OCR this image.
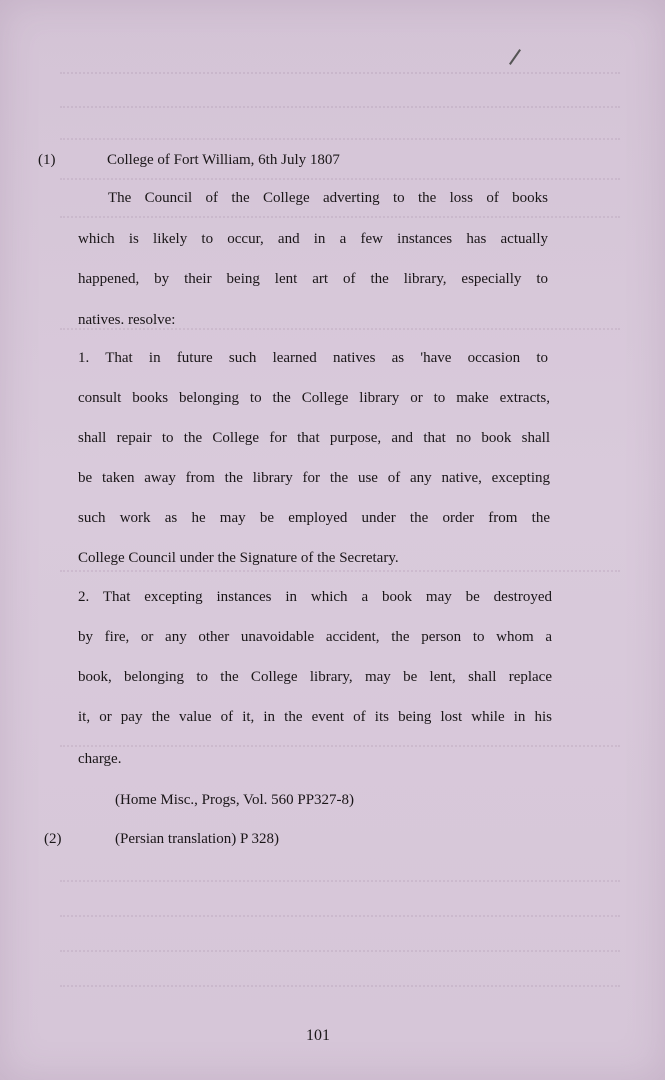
(1)	College of Fort William, 6th July 1807
The Council of the College adverting to the loss of books
which is likely to occur, and in a few instances has actually
happened, by their being lent art of the library, especially to
natives. resolve:
1. That in future such learned natives as 'have occasion to
consult books belonging to the College library or to make extracts,
shall repair to the College for that purpose, and that no book shall
be taken away from the library for the use of any native, excepting
such work as he may be employed under the order from the
College Council under the Signature of the Secretary.
2. That excepting instances in which a book may be destroyed
by fire, or any other unavoidable accident, the person to whom a
book, belonging to the College library, may be lent, shall replace
it, or pay the value of it, in the event of its being lost while in his
charge.
(Home Misc., Progs, Vol. 560 PP327-8)
(2)	(Persian translation) P 328)
101
